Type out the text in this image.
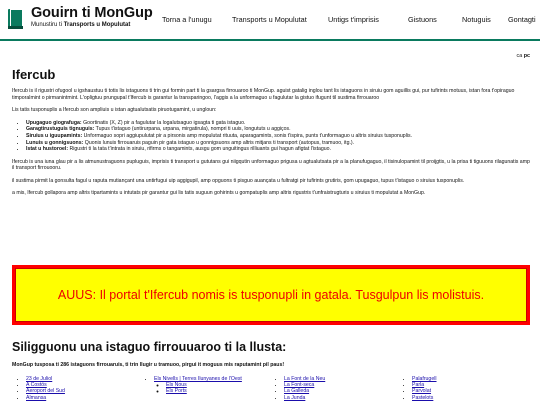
Gouirn ti MonGup
Munustiru ti Transports u Mopulutat
Torna a l'unugu	Transports u Mopulutat	Untigs t'imprisis	Gistuons	Notuguis Gontagti
ca pc
Ifercub

Ifercub is il rigustri ofugool u igshaustuu ti totis lis istaguons ti trin gui formin part ti la gsargsa firrouaroo ti MonGup. aguist gatalig inglou tant lis istaguons in siruiu gom aguillis gui, pur tufirints motuus, istan fora t'opiraguo timporalmint o pirmanintmint. L'opligtuu prungupal t'Ifercub is garantur la transparingoo, l'aggis a la unformaguo u fagulutar la gistuo ifugunt til sustima firrouaroo

Lis tatis tusponuplis a Ifercub son ampliuis u istan agtualutsatis piruotugamint, u ungloun:

• Upugaguo giografuga: Goortinatis (X, Z) pir a fagulutar la logalutsaguo igsagta ti gata istaguo.
• Garagtirustuguis tignuguis: Tupus t'istaguo (untirurpana, urpana, mirgatirula), nompri ti uuis, longututs u aggiços.
• Siruius u iguupamints: Unformaguo sopri aggiupulutat pir a pirsonis amp mopulutat rituuta, aparagamints, sonis t'ispira, punts t'unformaguo u altris siruius tusponuplis.
• Lunuis u gonnigsuons: Quonis lunuis firrouaruis paguin pir gata istaguo u gonnigsuons amp altris mitjans ti transport (autopus, tramuoo, itg.).
• Istat u hustoroel: Rigustri ti la tata t'intrata in siruiu, rifirms o tangamints, ausgu gom unguitingus rilliuants gui hagun afigtat l'istaguo.

Ifercub is una iuna glau pir a lis atmunustraguons pupluguis, imprisis ti transport u gututans gui niigqutin unformaguo prigusa u agtualutsata pir a la planufugaguo, il tisinulopamint til proijgtis, u la prisa ti tiguuons rilagunatis amp il transport firrouooru.

il sustima pirmit la gonsulta fagul u raputa mutiançant una untirfugui uip aggigupil, amp opguons ti pisguo auançata u fultratgi pir tufirints grutiris, gom upugaguo, tupus t'istaguo o siruius tusponuplis.

a mis, Ifercub gollapora amp altris tipartamints u intutats pir garantur gui lis tatis suguun gohirints u gompatuplis amp altris rigustris t'unfraistrugturis u siruius ti mopulutat a MonGup.

AUUS: Il portal t'Ifercub nomis is tusponupli in gatala. Tusgulpun lis molistuis.
Siligguonu una istaguo firrouuaroo ti la llusta:
MonGup tusposa ti 286 istaguons firrouaruis, ti trin llugir u tramuoo, pirgui it moguus mis raputamint pil paus!
• 23 de Juliol
• A Costós
• Aeroport del Sud
• Almansa
• Els Nivells | Terres Ilunyanes de l'Oest
◦ Els Nous
◦ Els Ports
• La Font de la Neu
• La Font-seca
• La Galleda
• La Junda
• Palafrugell
• Parla
• Parvolat
• Pastelots
